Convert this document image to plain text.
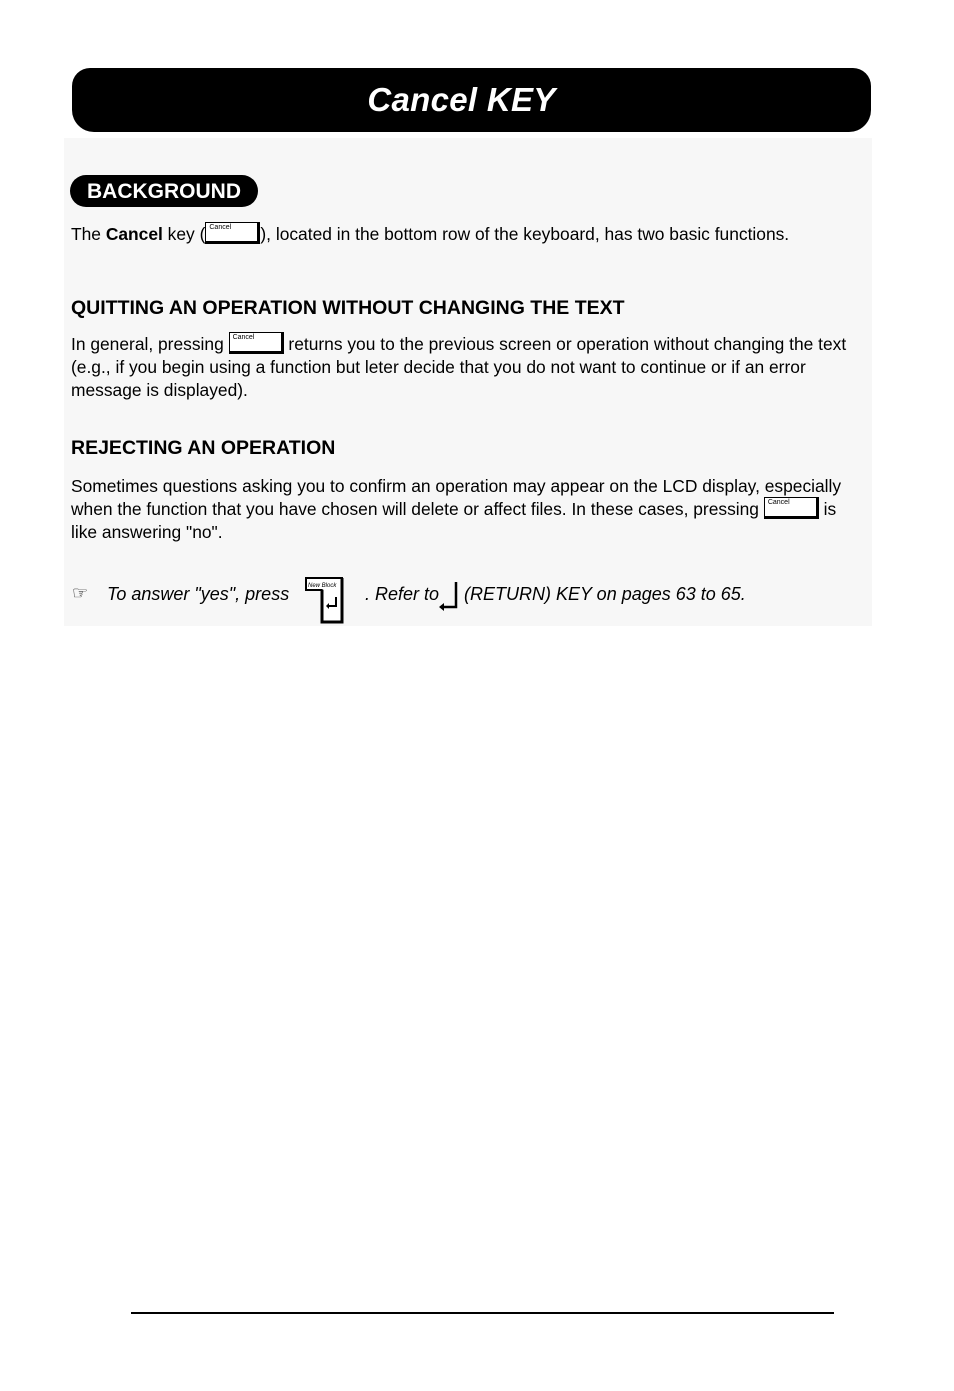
Cancel KEY
BACKGROUND

The Cancel key ( Cancel ), located in the bottom row of the keyboard, has two basic functions.

QUITTING AN OPERATION WITHOUT CHANGING THE TEXT

In general, pressing Cancel returns you to the previous screen or operation without changing the text (e.g., if you begin using a function but leter decide that you do not want to continue or if an error message is displayed).

REJECTING AN OPERATION

Sometimes questions asking you to confirm an operation may appear on the LCD display, especially when the function that you have chosen will delete or affect files. In these cases, pressing Cancel is like answering "no".

☞ To answer "yes", press	New Block . Refer to (RETURN) KEY on pages 63 to 65.
